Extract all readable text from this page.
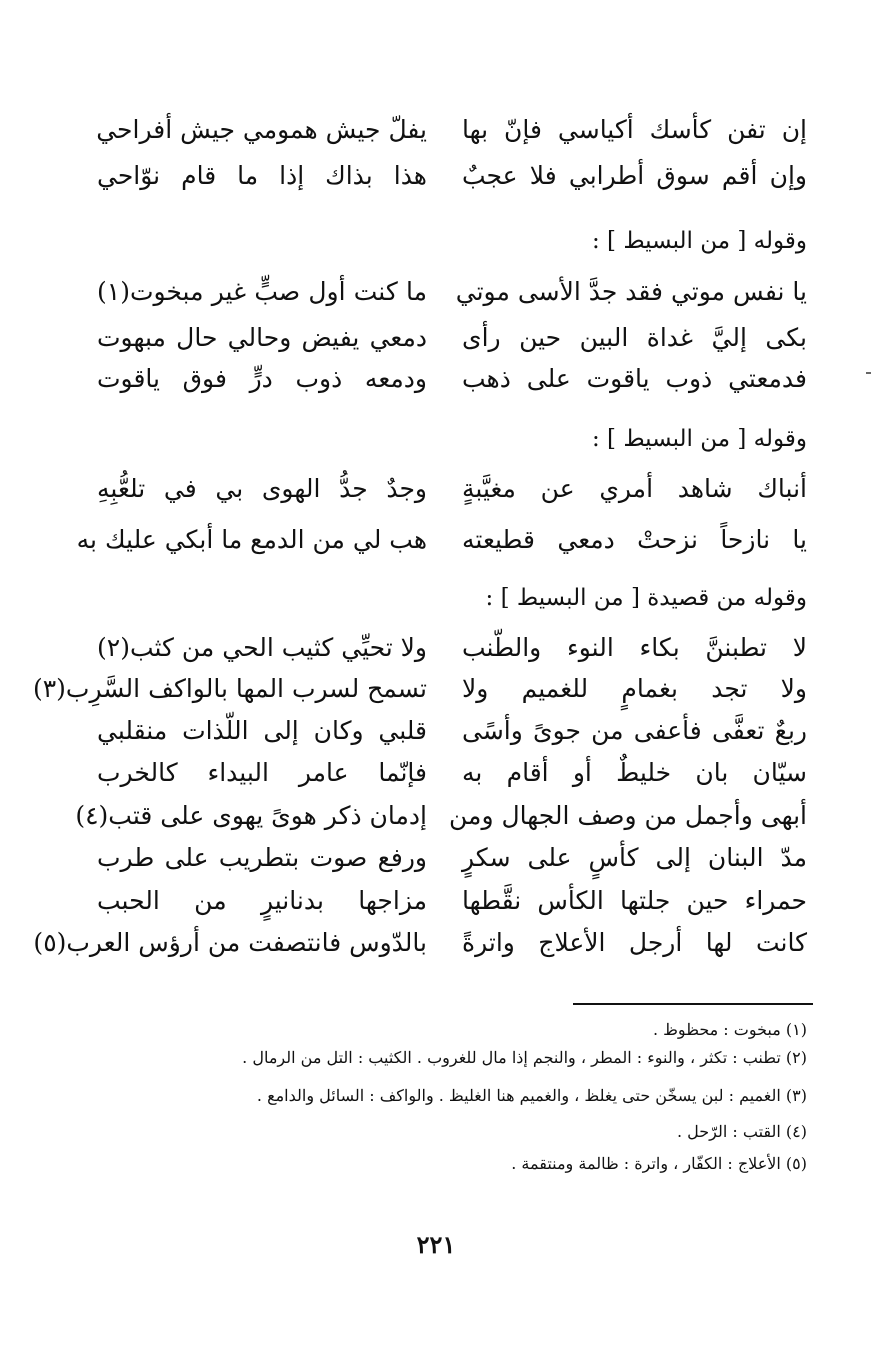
إن تفن كأسك أكياسي فإنّ بها
يفلّ جيش همومي جيش أفراحي
وإن أقم سوق أطرابي فلا عجبٌ
هذا بذاك إذا ما قام نوّاحي
وقوله [ من البسيط ] :
يا نفس موتي فقد جدَّ الأسى موتي
ما كنت أول صبٍّ غير مبخوت(١)
بكى إليَّ غداة البين حين رأى
دمعي يفيض وحالي حال مبهوت
فدمعتي ذوب ياقوت على ذهب
ودمعه ذوب درٍّ فوق ياقوت
وقوله [ من البسيط ] :
أنباك شاهد أمري عن مغيَّبةٍ
وجدٌ جدُّ الهوى بي في تلعُّبِهِ
يا نازحاً نزحتْ دمعي قطيعته
هب لي من الدمع ما أبكي عليك به
وقوله من قصيدة [ من البسيط ] :
لا تطبننَّ بكاء النوء والطّنب
ولا تحيِّي كثيب الحي من كثب(٢)
ولا تجد بغمامٍ للغميم ولا
تسمح لسرب المها بالواكف السَّرِب(٣)
ربعٌ تعفَّى فأعفى من جوىً وأسًى
قلبي وكان إلى اللّذات منقلبي
سيّان بان خليطٌ أو أقام به
فإنّما عامر البيداء كالخرب
أبهى وأجمل من وصف الجهال ومن
إدمان ذكر هوىً يهوى على قتب(٤)
مدّ البنان إلى كأسٍ على سكرٍ
ورفع صوت بتطريب على طرب
حمراء حين جلتها الكأس نقَّطها
مزاجها بدنانيرٍ من الحبب
كانت لها أرجل الأعلاج واترةً
بالدّوس فانتصفت من أرؤس العرب(٥)
(١) مبخوت : محظوظ .
(٢) تطنب : تكثر ، والنوء : المطر ، والنجم إذا مال للغروب . الكثيب : التل من الرمال .
(٣) الغميم : لبن يسخّن حتى يغلظ ، والغميم هنا الغليظ . والواكف : السائل والدامع .
(٤) القتب : الرّحل .
(٥) الأعلاج : الكفّار ، واترة : ظالمة ومنتقمة .
٢٢١
